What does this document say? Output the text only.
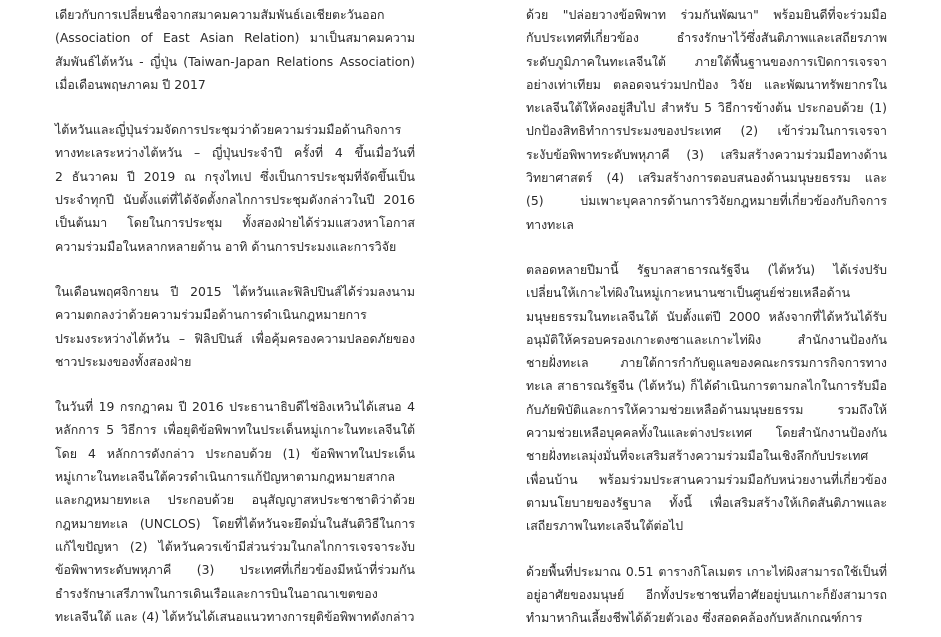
เดียวกับการเปลี่ยนชื่อจากสมาคมความสัมพันธ์เอเชียตะวันออก
(Association of East Asian Relation) มาเป็นสมาคมความ
สัมพันธ์ไต้หวัน - ญี่ปุ่น (Taiwan-Japan Relations Association)
เมื่อเดือนพฤษภาคม ปี 2017
ไต้หวันและญี่ปุ่นร่วมจัดการประชุมว่าด้วยความร่วมมือด้านกิจการ
ทางทะเลระหว่างไต้หวัน – ญี่ปุ่นประจำปี ครั้งที่ 4 ขึ้นเมื่อวันที่
2 ธันวาคม ปี 2019 ณ กรุงไทเป ซึ่งเป็นการประชุมที่จัดขึ้นเป็น
ประจำทุกปี นับตั้งแต่ที่ได้จัดตั้งกลไกการประชุมดังกล่าวในปี 2016
เป็นต้นมา โดยในการประชุม ทั้งสองฝ่ายได้ร่วมแสวงหาโอกาส
ความร่วมมือในหลากหลายด้าน อาทิ ด้านการประมงและการวิจัย
ในเดือนพฤศจิกายน ปี 2015 ไต้หวันและฟิลิปปินส์ได้ร่วมลงนาม
ความตกลงว่าด้วยความร่วมมือด้านการดำเนินกฎหมายการ
ประมงระหว่างไต้หวัน – ฟิลิปปินส์ เพื่อคุ้มครองความปลอดภัยของ
ชาวประมงของทั้งสองฝ่าย
ในวันที่ 19 กรกฎาคม ปี 2016 ประธานาธิบดีไช่อิงเหวินได้เสนอ 4
หลักการ 5 วิธีการ เพื่อยุติข้อพิพาทในประเด็นหมู่เกาะในทะเลจีนใต้
โดย 4 หลักการดังกล่าว ประกอบด้วย (1) ข้อพิพาทในประเด็น
หมู่เกาะในทะเลจีนใต้ควรดำเนินการแก้ปัญหาตามกฎหมายสากล
และกฎหมายทะเล ประกอบด้วย อนุสัญญาสหประชาชาติว่าด้วย
กฎหมายทะเล (UNCLOS) โดยที่ไต้หวันจะยึดมั่นในสันติวิธีในการ
แก้ไขปัญหา (2) ไต้หวันควรเข้ามีส่วนร่วมในกลไกการเจรจาระงับ
ข้อพิพาทระดับพหุภาคี (3) ประเทศที่เกี่ยวข้องมีหน้าที่ร่วมกัน
ธำรงรักษาเสรีภาพในการเดินเรือและการบินในอาณาเขตของ
ทะเลจีนใต้ และ (4) ไต้หวันได้เสนอแนวทางการยุติข้อพิพาทดังกล่าว
ด้วย "ปล่อยวางข้อพิพาท ร่วมกันพัฒนา" พร้อมยินดีที่จะร่วมมือ
กับประเทศที่เกี่ยวข้อง ธำรงรักษาไว้ซึ่งสันติภาพและเสถียรภาพ
ระดับภูมิภาคในทะเลจีนใต้ ภายใต้พื้นฐานของการเปิดการเจรจา
อย่างเท่าเทียม ตลอดจนร่วมปกป้อง วิจัย และพัฒนาทรัพยากรใน
ทะเลจีนใต้ให้คงอยู่สืบไป สำหรับ 5 วิธีการข้างต้น ประกอบด้วย (1)
ปกป้องสิทธิทำการประมงของประเทศ (2) เข้าร่วมในการเจรจา
ระงับข้อพิพาทระดับพหุภาคี (3) เสริมสร้างความร่วมมือทางด้าน
วิทยาศาสตร์ (4) เสริมสร้างการตอบสนองด้านมนุษยธรรม และ
(5) บ่มเพาะบุคลากรด้านการวิจัยกฎหมายที่เกี่ยวข้องกับกิจการ
ทางทะเล
ตลอดหลายปีมานี้ รัฐบาลสาธารณรัฐจีน (ไต้หวัน) ได้เร่งปรับ
เปลี่ยนให้เกาะไท่ผิงในหมู่เกาะหนานซาเป็นศูนย์ช่วยเหลือด้าน
มนุษยธรรมในทะเลจีนใต้ นับตั้งแต่ปี 2000 หลังจากที่ได้หวันได้รับ
อนุมัติให้ครอบครองเกาะตงซาและเกาะไท่ผิง สำนักงานป้องกัน
ชายฝั่งทะเล ภายใต้การกำกับดูแลของคณะกรรมการกิจการทาง
ทะเล สาธารณรัฐจีน (ไต้หวัน) ก็ได้ดำเนินการตามกลไกในการรับมือ
กับภัยพิบัติและการให้ความช่วยเหลือด้านมนุษยธรรม รวมถึงให้
ความช่วยเหลือบุคคลทั้งในและต่างประเทศ โดยสำนักงานป้องกัน
ชายฝั่งทะเลมุ่งมั่นที่จะเสริมสร้างความร่วมมือในเชิงลึกกับประเทศ
เพื่อนบ้าน พร้อมร่วมประสานความร่วมมือกับหน่วยงานที่เกี่ยวข้อง
ตามนโยบายของรัฐบาล ทั้งนี้ เพื่อเสริมสร้างให้เกิดสันติภาพและ
เสถียรภาพในทะเลจีนใต้ต่อไป
ด้วยพื้นที่ประมาณ 0.51 ตารางกิโลเมตร เกาะไท่ผิงสามารถใช้เป็นที่
อยู่อาศัยของมนุษย์ อีกทั้งประชาชนที่อาศัยอยู่บนเกาะก็ยังสามารถ
ทำมาหากินเลี้ยงชีพได้ด้วยตัวเอง ซึ่งสอดคล้องกับหลักเกณฑ์การ
